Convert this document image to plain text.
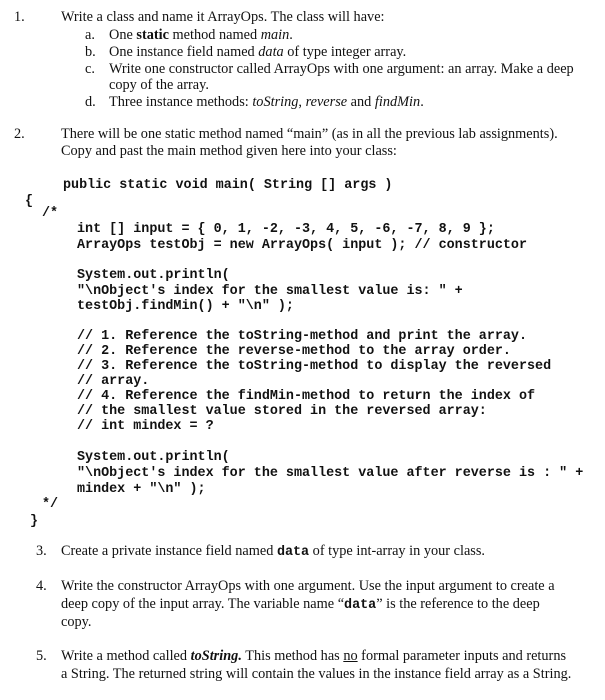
1.	Write a class and name it ArrayOps. The class will have:
a. One static method named main.
b. One instance field named data of type integer array.
c. Write one constructor called ArrayOps with one argument: an array. Make a deep
copy of the array.
d. Three instance methods: toString, reverse and findMin.
2.	There will be one static method named “main” (as in all the previous lab assignments).
Copy and past the main method given here into your class:
public static void main( String [] args )
{
/*
int [] input = { 0, 1, -2, -3, 4, 5, -6, -7, 8, 9 };
ArrayOps testObj = new ArrayOps( input ); // constructor
System.out.println(
"\nObject's index for the smallest value is: " +
testObj.findMin() + "\n" );
// 1. Reference the toString-method and print the array.
// 2. Reference the reverse-method to the array order.
// 3. Reference the toString-method to display the reversed
// array.
// 4. Reference the findMin-method to return the index of
// the smallest value stored in the reversed array:
// int mindex = ?
System.out.println(
"\nObject's index for the smallest value after reverse is : " +
mindex + "\n" );
*/
}
3. Create a private instance field named data of type int-array in your class.
4. Write the constructor ArrayOps with one argument. Use the input argument to create a
deep copy of the input array. The variable name “data” is the reference to the deep
copy.
5. Write a method called toString. This method has no formal parameter inputs and returns
a String. The returned string will contain the values in the instance field array as a String.
